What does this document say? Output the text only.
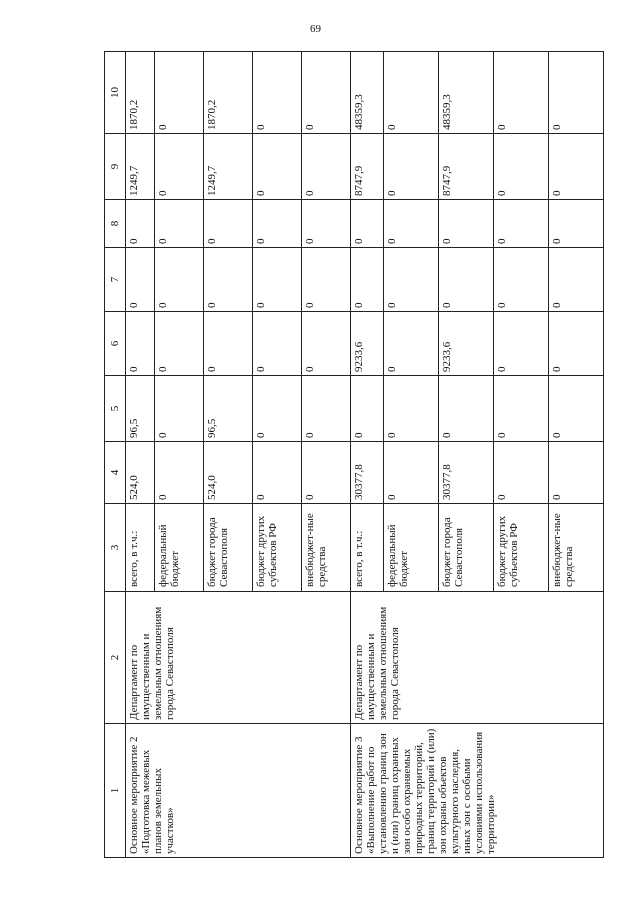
69
1	2	3	4	5	6	7	8	9	10
Основное мероприятие 2 «Подготовка межевых планов земельных участков»	Департамент по имущественным и земельным отношениям города Севастополя	всего, в т.ч.:	524,0	96,5	0	0	0	1249,7	1870,2
		федеральный бюджет	0	0	0	0	0	0	0
		бюджет города Севастополя	524,0	96,5	0	0	0	1249,7	1870,2
		бюджет других субъектов РФ	0	0	0	0	0	0	0
		внебюджет-ные средства	0	0	0	0	0	0	0
Основное мероприятие 3 «Выполнение работ по установлению границ зон и (или) границ охранных зон особо охраняемых природных территорий, границ территорий и (или) зон охраны объектов культурного наследия, иных зон с особыми условиями использования территории»	Департамент по имущественным и земельным отношениям города Севастополя	всего, в т.ч.:	30377,8	0	9233,6	0	0	8747,9	48359,3
		федеральный бюджет	0	0	0	0	0	0	0
		бюджет города Севастополя	30377,8	0	9233,6	0	0	8747,9	48359,3
		бюджет других субъектов РФ	0	0	0	0	0	0	0
		внебюджет-ные средства	0	0	0	0	0	0	0
